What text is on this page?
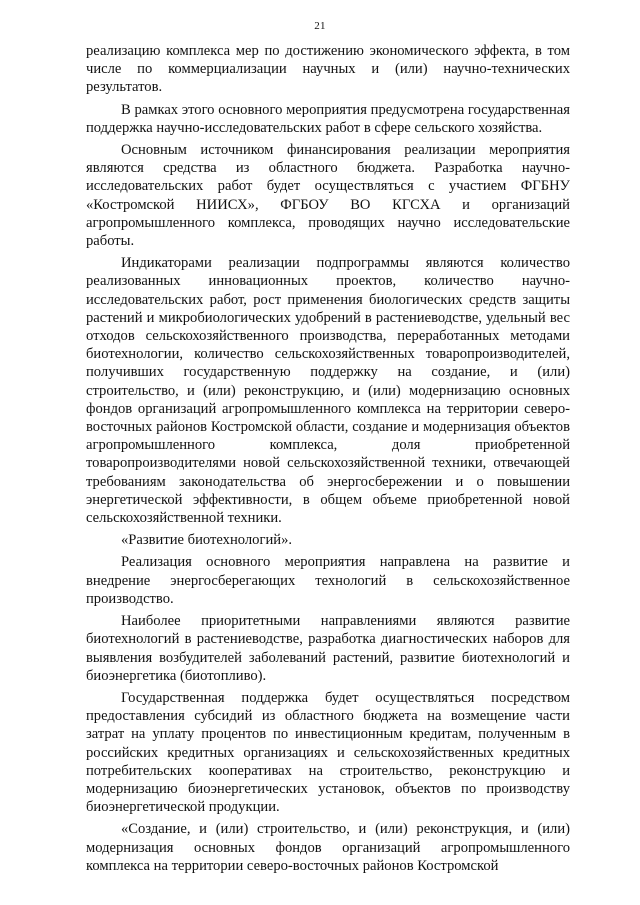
21

реализацию комплекса мер по достижению экономического эффекта, в том числе по коммерциализации научных и (или) научно-технических результатов.

В рамках этого основного мероприятия предусмотрена государственная поддержка научно-исследовательских работ в сфере сельского хозяйства.

Основным источником финансирования реализации мероприятия являются средства из областного бюджета. Разработка научно-исследовательских работ будет осуществляться с участием ФГБНУ «Костромской НИИСХ», ФГБОУ ВО КГСХА и организаций агропромышленного комплекса, проводящих научно исследовательские работы.

Индикаторами реализации подпрограммы являются количество реализованных инновационных проектов, количество научно-исследовательских работ, рост применения биологических средств защиты растений и микробиологических удобрений в растениеводстве, удельный вес отходов сельскохозяйственного производства, переработанных методами биотехнологии, количество сельскохозяйственных товаропроизводителей, получивших государственную поддержку на создание, и (или) строительство, и (или) реконструкцию, и (или) модернизацию основных фондов организаций агропромышленного комплекса на территории северо-восточных районов Костромской области, создание и модернизация объектов агропромышленного комплекса, доля приобретенной товаропроизводителями новой сельскохозяйственной техники, отвечающей требованиям законодательства об энергосбережении и о повышении энергетической эффективности, в общем объеме приобретенной новой сельскохозяйственной техники.

«Развитие биотехнологий».

Реализация основного мероприятия направлена на развитие и внедрение энергосберегающих технологий в сельскохозяйственное производство.

Наиболее приоритетными направлениями являются развитие биотехнологий в растениеводстве, разработка диагностических наборов для выявления возбудителей заболеваний растений, развитие биотехнологий и биоэнергетика (биотопливо).

Государственная поддержка будет осуществляться посредством предоставления субсидий из областного бюджета на возмещение части затрат на уплату процентов по инвестиционным кредитам, полученным в российских кредитных организациях и сельскохозяйственных кредитных потребительских кооперативах на строительство, реконструкцию и модернизацию биоэнергетических установок, объектов по производству биоэнергетической продукции.

«Создание, и (или) строительство, и (или) реконструкция, и (или) модернизация основных фондов организаций агропромышленного комплекса на территории северо-восточных районов Костромской
